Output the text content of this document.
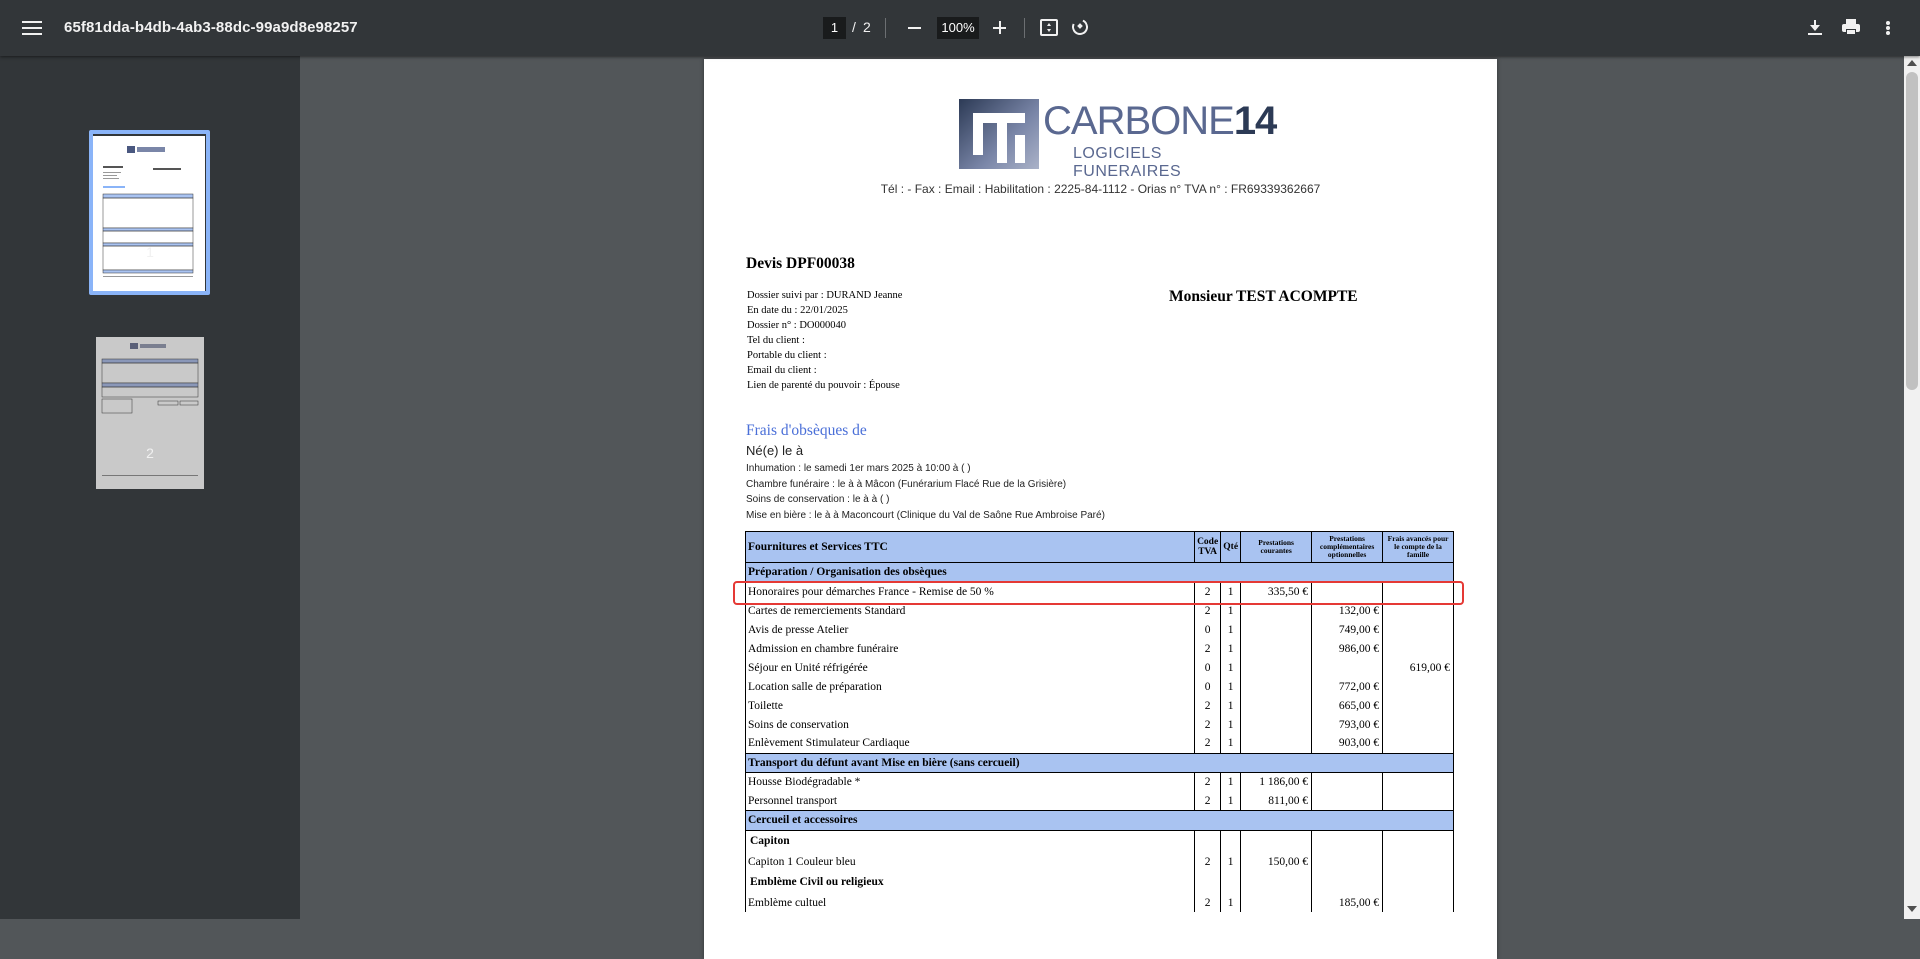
65f81dda-b4db-4ab3-88dc-99a9d8e98257	1 / 2	100%
1
2
CARBONE14
LOGICIELS FUNERAIRES
Tél : - Fax : Email : Habilitation : 2225-84-1112 - Orias n° TVA n° : FR69339362667
Devis DPF00038
Monsieur TEST ACOMPTE
Dossier suivi par : DURAND Jeanne
En date du : 22/01/2025
Dossier n° : DO000040
Tel du client :
Portable du client :
Email du client :
Lien de parenté du pouvoir : Épouse
Frais d'obsèques de
Né(e) le à
Inhumation : le samedi 1er mars 2025 à 10:00 à ( )
Chambre funéraire : le à à Mâcon (Funérarium Flacé Rue de la Grisière)
Soins de conservation : le à à ( )
Mise en bière : le à à Maconcourt (Clinique du Val de Saône Rue Ambroise Paré)
Fournitures et Services TTC	Code TVA	Qté	Prestations courantes	Prestations complémentaires optionnelles	Frais avancés pour le compte de la famille
Préparation / Organisation des obsèques					
Honoraires pour démarches France - Remise de 50 %	2	1	335,50 €		
Cartes de remerciements Standard	2	1		132,00 €	
Avis de presse Atelier	0	1		749,00 €	
Admission en chambre funéraire	2	1		986,00 €	
Séjour en Unité réfrigérée	0	1			619,00 €
Location salle de préparation	0	1		772,00 €	
Toilette	2	1		665,00 €	
Soins de conservation	2	1		793,00 €	
Enlèvement Stimulateur Cardiaque	2	1		903,00 €	
Transport du défunt avant Mise en bière (sans cercueil)					
Housse Biodégradable *	2	1	1 186,00 €		
Personnel transport	2	1	811,00 €		
Cercueil et accessoires					
Capiton					
Capiton 1 Couleur bleu	2	1	150,00 €		
Emblème Civil ou religieux					
Emblème cultuel	2	1		185,00 €	
